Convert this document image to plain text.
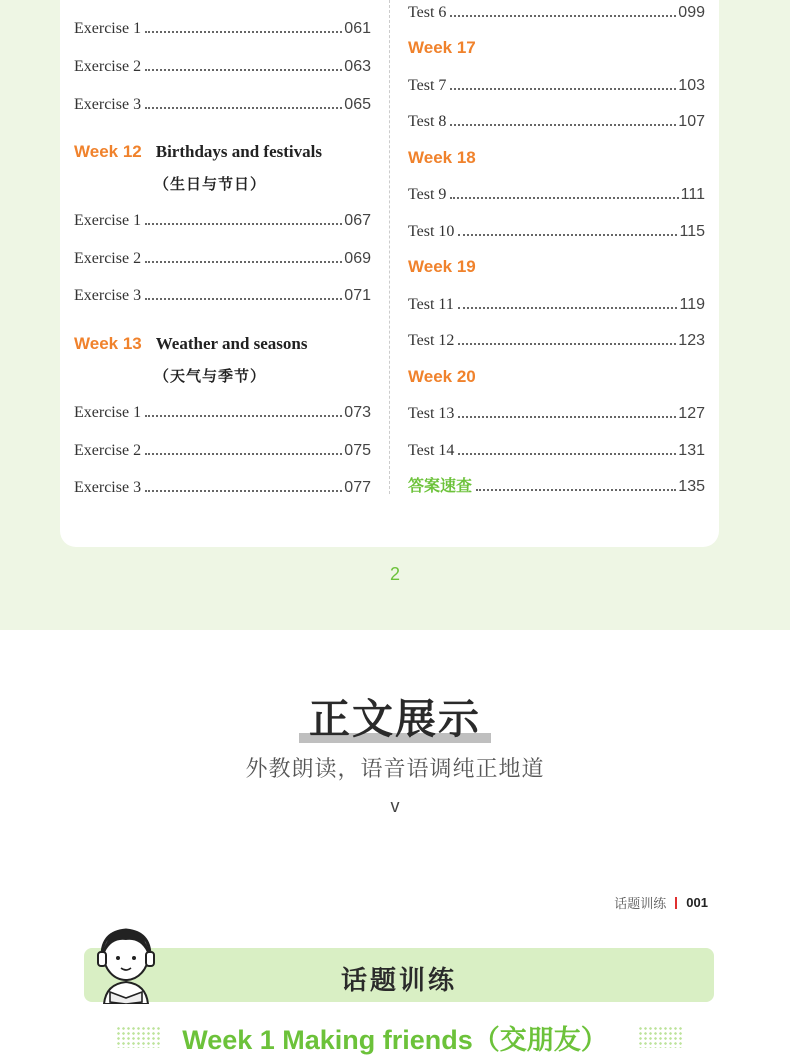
Exercise 1	061
Exercise 2	063
Exercise 3	065
Week 12 Birthdays and festivals
（生日与节日）
Exercise 1	067
Exercise 2	069
Exercise 3	071
Week 13 Weather and seasons
（天气与季节）
Exercise 1	073
Exercise 2	075
Exercise 3	077
Test 6	099
Week 17
Test 7	103
Test 8	107
Week 18
Test 9	111
Test 10	115
Week 19
Test 11	119
Test 12	123
Week 20
Test 13	127
Test 14	131
答案速查	135
2
正文展示
外教朗读，语音语调纯正地道
v
话题训练 001
话题训练
Week 1 Making friends（交朋友）
